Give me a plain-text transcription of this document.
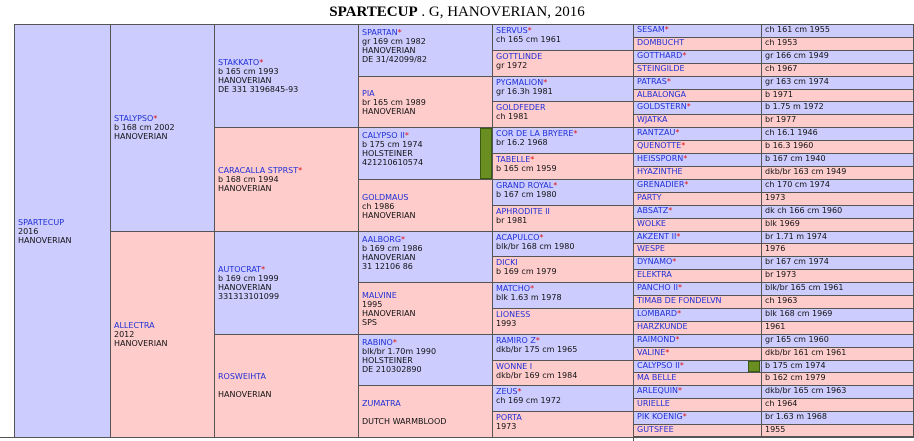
SPARTECUP . G, HANOVERIAN, 2016
SPARTECUP
2016
HANOVERIAN
STALYPSO*
b 168 cm 2002
HANOVERIAN
ALLECTRA
2012
HANOVERIAN
STAKKATO*
b 165 cm 1993
HANOVERIAN
DE 331 3196845-93
CARACALLA STPRST*
b 168 cm 1994
HANOVERIAN
AUTOCRAT*
b 169 cm 1999
HANOVERIAN
331313101099
ROSWEIHTA

HANOVERIAN
SPARTAN*
gr 169 cm 1982
HANOVERIAN
DE 31/42099/82
PIA
br 165 cm 1989
HANOVERIAN
CALYPSO II*
b 175 cm 1974
HOLSTEINER
421210610574
GOLDMAUS
ch 1986
HANOVERIAN
AALBORG*
b 169 cm 1986
HANOVERIAN
31 12106 86
MALVINE
1995
HANOVERIAN
SPS
RABINO*
blk/br 1.70m 1990
HOLSTEINER
DE 210302890
ZUMATRA

DUTCH WARMBLOOD
SERVUS*
ch 165 cm 1961
GOTTLINDE
gr 1972
PYGMALION*
gr 16.3h 1981
GOLDFEDER
ch 1981
COR DE LA BRYERE*
br 16.2 1968
TABELLE*
b 165 cm 1959
GRAND ROYAL*
b 167 cm 1980
APHRODITE II
br 1981
ACAPULCO*
blk/br 168 cm 1980
DICKI
b 169 cm 1979
MATCHO*
blk 1.63 m 1978
LIONESS
1993
RAMIRO Z*
dkb/br 175 cm 1965
WONNE I
dkb/br 169 cm 1984
ZEUS*
ch 169 cm 1972
PORTA
1973
SESAM *	ch 161 cm 1955
DOMBUCHT	ch 1953
GOTTHARD *	gr 166 cm 1949
STEINGILDE	ch 1967
PATRAS *	gr 163 cm 1974
ALBALONGA	b 1971
GOLDSTERN *	b 1.75 m 1972
WJATKA	br 1977
RANTZAU *	ch 16.1 1946
QUENOTTE *	b 16.3 1960
HEISSPORN *	b 167 cm 1940
HYAZINTHE	dkb/br 163 cm 1949
GRENADIER *	ch 170 cm 1974
PARTY	1973
ABSATZ *	dk ch 166 cm 1960
WOLKE	blk 1969
AKZENT II *	br 1.71 m 1974
WESPE	1976
DYNAMO *	br 167 cm 1974
ELEKTRA	br 1973
PANCHO II *	blk/br 165 cm 1961
TIMAB DE FONDELVN	ch 1963
LOMBARD *	blk 168 cm 1969
HARZKUNDE	1961
RAIMOND *	gr 165 cm 1960
VALINE *	dkb/br 161 cm 1961
CALYPSO II *	b 175 cm 1974
MA BELLE	b 162 cm 1979
ARLEQUIN *	dkb/br 165 cm 1963
URIELLE	ch 1964
PIK KOENIG *	br 1.63 m 1968
GUTSFEE	1955
